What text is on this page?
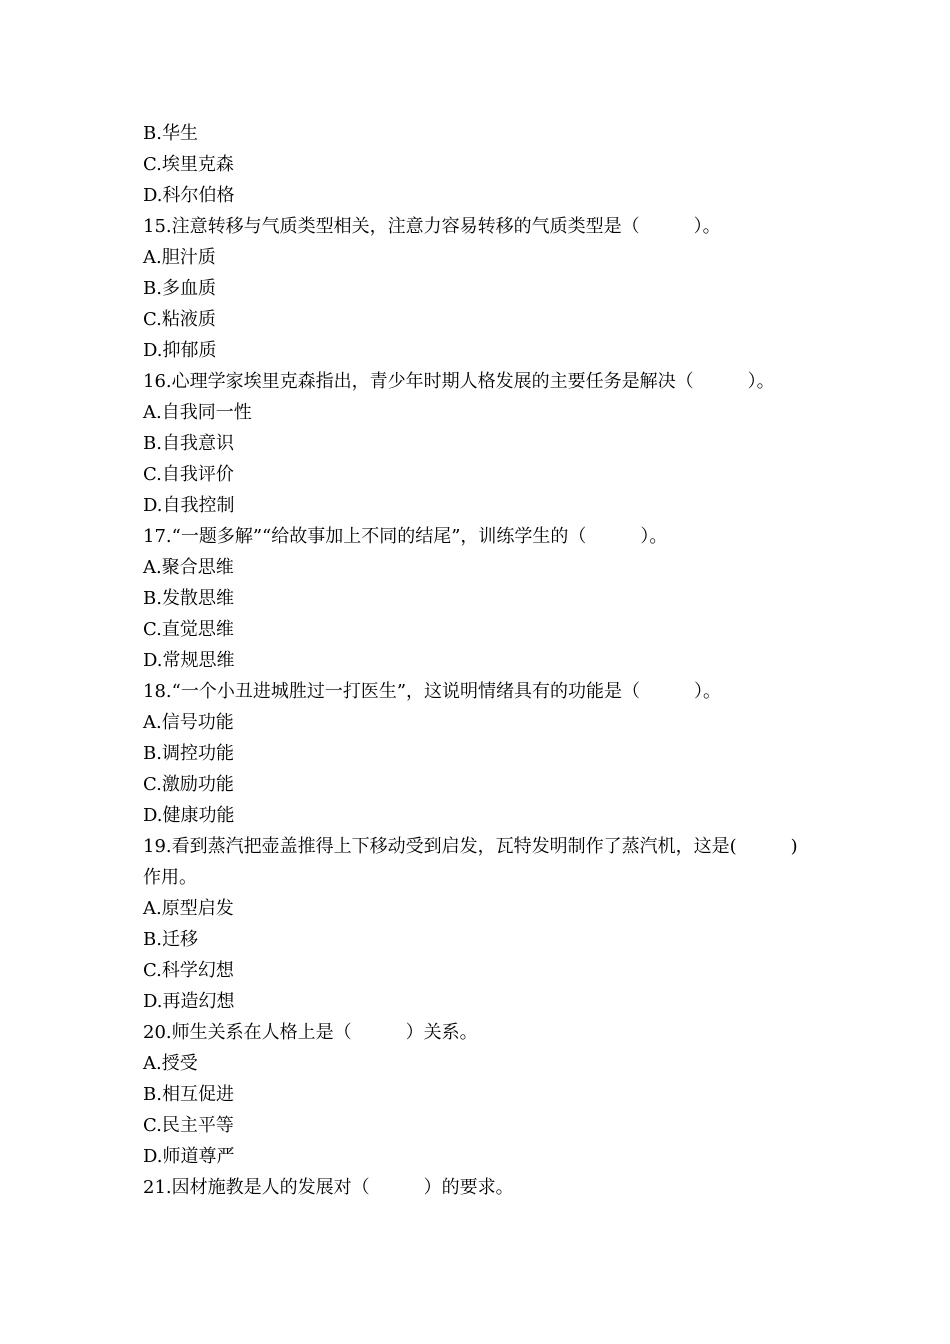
B.华生
C.埃里克森
D.科尔伯格
15.注意转移与气质类型相关，注意力容易转移的气质类型是（　　　）。
A.胆汁质
B.多血质
C.粘液质
D.抑郁质
16.心理学家埃里克森指出，青少年时期人格发展的主要任务是解决（　　　）。
A.自我同一性
B.自我意识
C.自我评价
D.自我控制
17.“一题多解”“给故事加上不同的结尾”，训练学生的（　　　）。
A.聚合思维
B.发散思维
C.直觉思维
D.常规思维
18.“一个小丑进城胜过一打医生”，这说明情绪具有的功能是（　　　）。
A.信号功能
B.调控功能
C.激励功能
D.健康功能
19.看到蒸汽把壶盖推得上下移动受到启发，瓦特发明制作了蒸汽机，这是(　　　)
作用。
A.原型启发
B.迁移
C.科学幻想
D.再造幻想
20.师生关系在人格上是（　　　）关系。
A.授受
B.相互促进
C.民主平等
D.师道尊严
21.因材施教是人的发展对（　　　）的要求。
